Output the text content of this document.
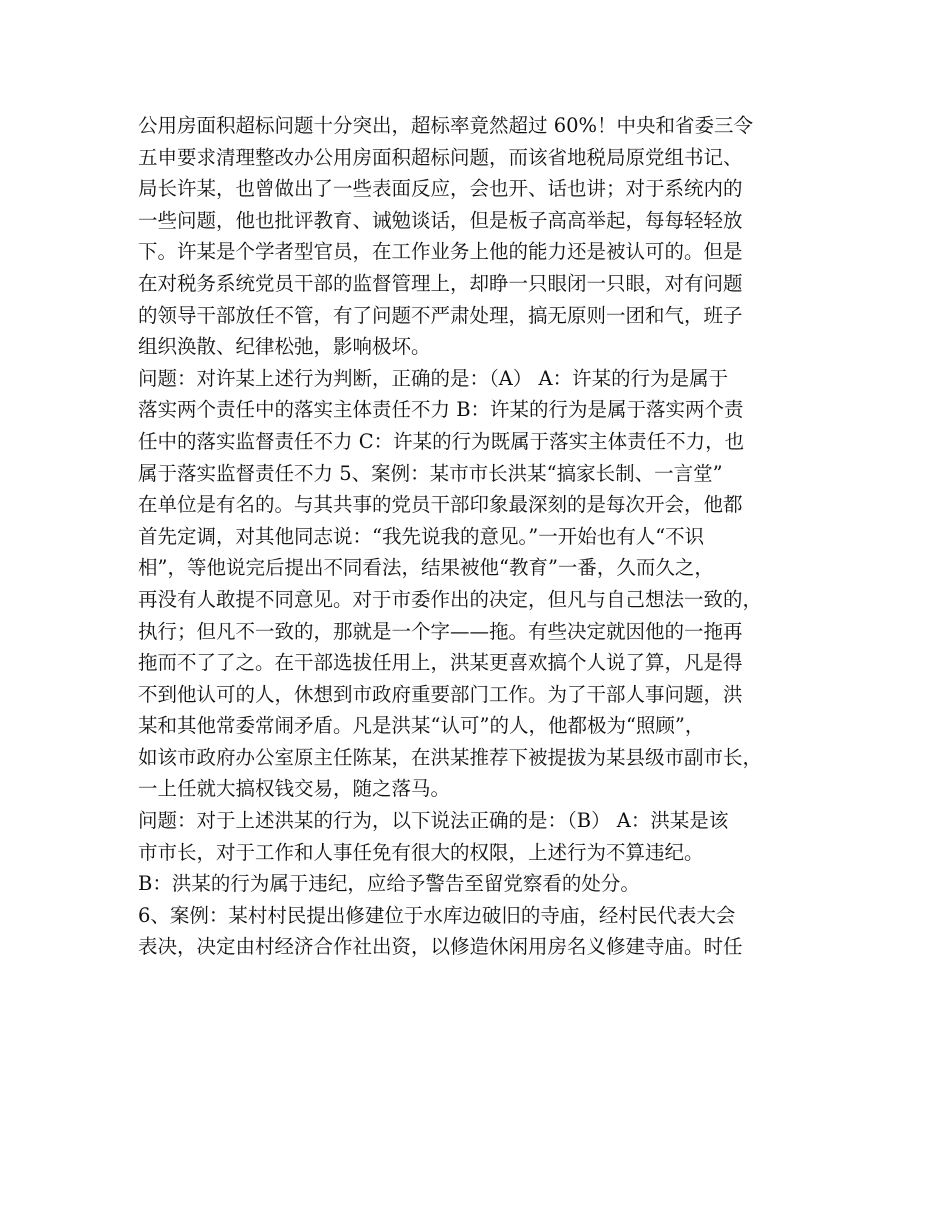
公用房面积超标问题十分突出，超标率竟然超过 60%！中央和省委三令
五申要求清理整改办公用房面积超标问题，而该省地税局原党组书记、
局长许某，也曾做出了一些表面反应，会也开、话也讲；对于系统内的
一些问题，他也批评教育、诫勉谈话，但是板子高高举起，每每轻轻放
下。许某是个学者型官员，在工作业务上他的能力还是被认可的。但是
在对税务系统党员干部的监督管理上，却睁一只眼闭一只眼，对有问题
的领导干部放任不管，有了问题不严肃处理，搞无原则一团和气，班子
组织涣散、纪律松弛，影响极坏。
问题：对许某上述行为判断，正确的是：（A） A：许某的行为是属于
落实两个责任中的落实主体责任不力 B：许某的行为是属于落实两个责
任中的落实监督责任不力 C：许某的行为既属于落实主体责任不力，也
属于落实监督责任不力 5、案例：某市市长洪某“搞家长制、一言堂”
在单位是有名的。与其共事的党员干部印象最深刻的是每次开会，他都
首先定调，对其他同志说：“我先说我的意见。”一开始也有人“不识
相”，等他说完后提出不同看法，结果被他“教育”一番，久而久之，
再没有人敢提不同意见。对于市委作出的决定，但凡与自己想法一致的，
执行；但凡不一致的，那就是一个字——拖。有些决定就因他的一拖再
拖而不了了之。在干部选拔任用上，洪某更喜欢搞个人说了算，凡是得
不到他认可的人，休想到市政府重要部门工作。为了干部人事问题，洪
某和其他常委常闹矛盾。凡是洪某“认可”的人，他都极为“照顾”，
如该市政府办公室原主任陈某，在洪某推荐下被提拔为某县级市副市长，
一上任就大搞权钱交易，随之落马。
问题：对于上述洪某的行为，以下说法正确的是：（B） A：洪某是该
市市长，对于工作和人事任免有很大的权限，上述行为不算违纪。
B：洪某的行为属于违纪，应给予警告至留党察看的处分。
6、案例：某村村民提出修建位于水库边破旧的寺庙，经村民代表大会
表决，决定由村经济合作社出资，以修造休闲用房名义修建寺庙。时任
